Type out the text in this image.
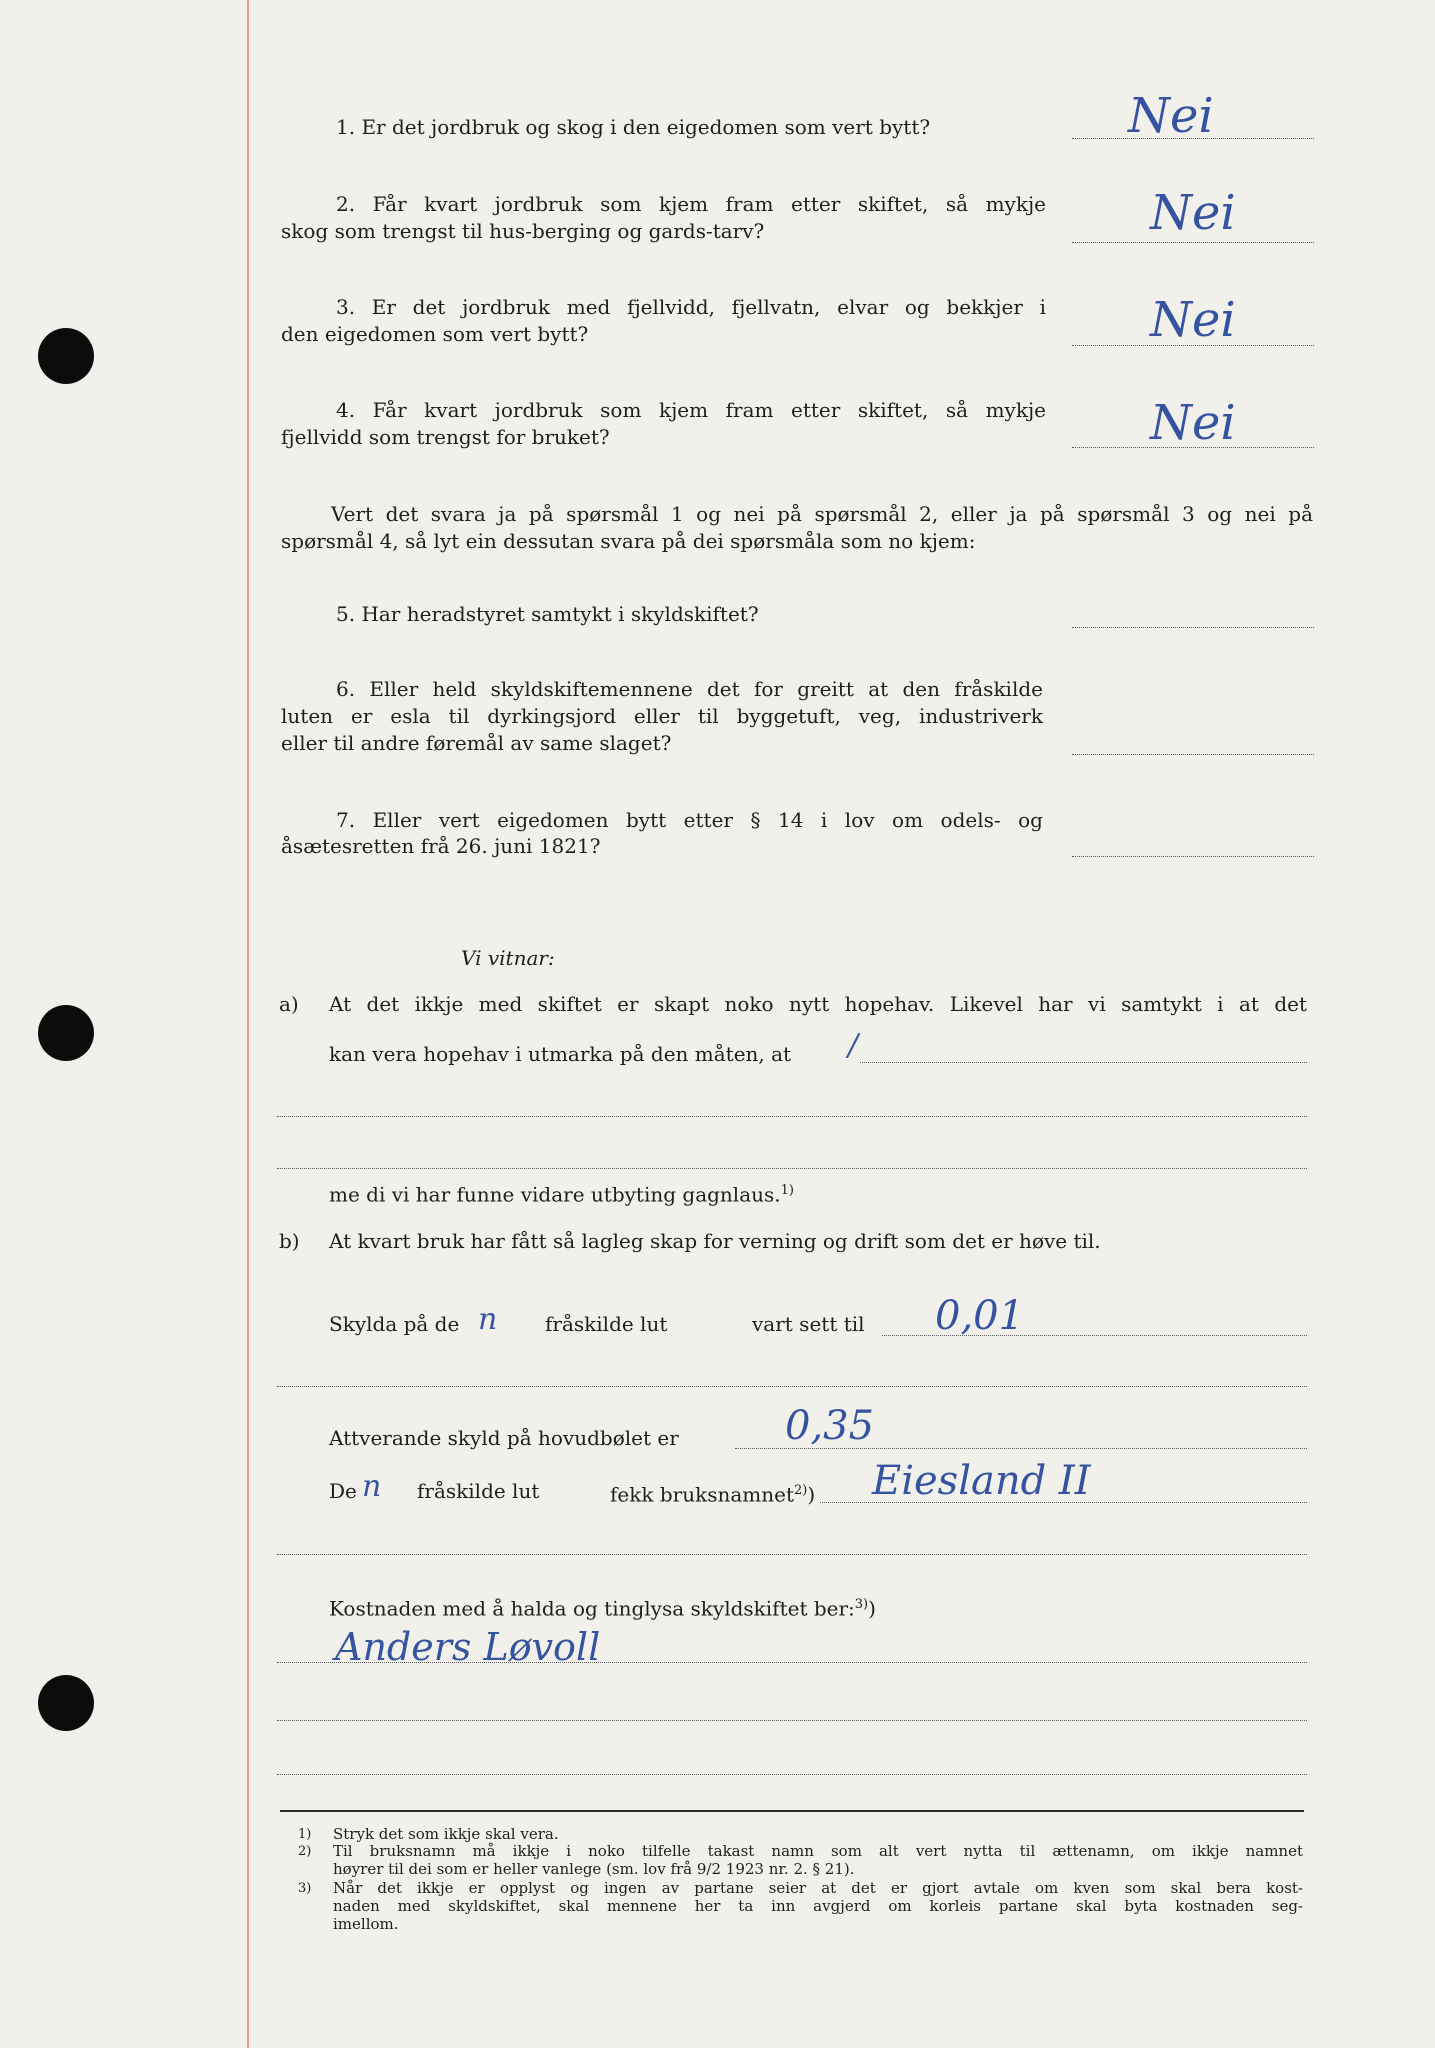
1. Er det jordbruk og skog i den eigedomen som vert bytt?	Nei
2. Får kvart jordbruk som kjem fram etter skiftet, så mykje
skog som trengst til hus-berging og gards-tarv?	Nei
3. Er det jordbruk med fjellvidd, fjellvatn, elvar og bekkjer i
den eigedomen som vert bytt?	Nei
4. Får kvart jordbruk som kjem fram etter skiftet, så mykje
fjellvidd som trengst for bruket?	Nei
Vert det svara ja på spørsmål 1 og nei på spørsmål 2, eller ja på spørsmål 3 og nei på
spørsmål 4, så lyt ein dessutan svara på dei spørsmåla som no kjem:
5. Har heradstyret samtykt i skyldskiftet?
6. Eller held skyldskiftemennene det for greitt at den fråskilde
luten er esla til dyrkingsjord eller til byggetuft, veg, industriverk
eller til andre føremål av same slaget?
7. Eller vert eigedomen bytt etter § 14 i lov om odels- og
åsætesretten frå 26. juni 1821?
Vi vitnar:
a) At det ikkje med skiftet er skapt noko nytt hopehav. Likevel har vi samtykt i at det
kan vera hopehav i utmarka på den måten, at /
me di vi har funne vidare utbyting gagnlaus.$^{1)}$
b) At kvart bruk har fått så lagleg skap for verning og drift som det er høve til.
Skylda på de n fråskilde lut	vart sett til 0,01
Attverande skyld på hovudbølet er	0,35
De n fråskilde lut	fekk bruksnamnet$^{2)}$) Eiesland II
Kostnaden med å halda og tinglysa skyldskiftet ber:$^{3)}$)
Anders Løvoll
1) Stryk det som ikkje skal vera.
2) Til bruksnamn må ikkje i noko tilfelle takast namn som alt vert nytta til ættenamn, om ikkje namnet
høyrer til dei som er heller vanlege (sm. lov frå 9/2 1923 nr. 2. § 21).
3) Når det ikkje er opplyst og ingen av partane seier at det er gjort avtale om kven som skal bera kost-
naden med skyldskiftet, skal mennene her ta inn avgjerd om korleis partane skal byta kostnaden seg-
imellom.
